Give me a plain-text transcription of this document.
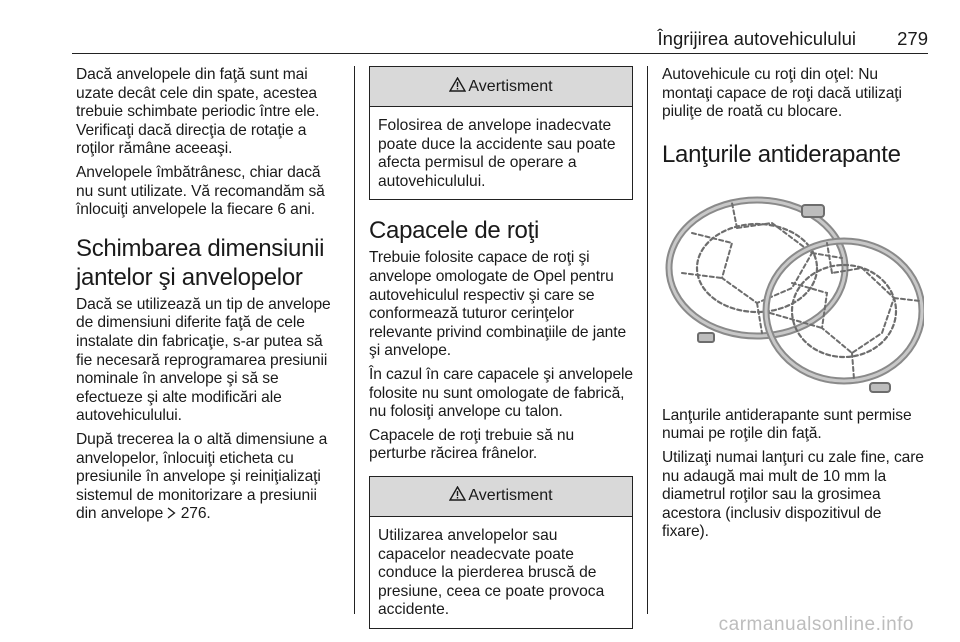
Îngrijirea autovehiculului 279

Dacă anvelopele din faţă sunt mai uzate decât cele din spate, acestea trebuie schimbate periodic între ele. Verificaţi dacă direcţia de rotaţie a roţilor rămâne aceeaşi.

Anvelopele îmbătrânesc, chiar dacă nu sunt utilizate. Vă recomandăm să înlocuiţi anvelopele la fiecare 6 ani.

Schimbarea dimensiunii jantelor şi anvelopelor

Dacă se utilizează un tip de anvelope de dimensiuni diferite faţă de cele instalate din fabricaţie, s-ar putea să fie necesară reprogramarea presiunii nominale în anvelope şi să se efectueze şi alte modificări ale autovehiculului.

După trecerea la o altă dimensiune a anvelopelor, înlocuiţi eticheta cu presiunile în anvelope şi reiniţializaţi sistemul de monitorizare a presiunii din anvelope 276.

Avertisment
Folosirea de anvelope inadecvate poate duce la accidente sau poate afecta permisul de operare a autovehiculului.
Capacele de roţi

Trebuie folosite capace de roţi şi anvelope omologate de Opel pentru autovehiculul respectiv şi care se conformează tuturor cerinţelor relevante privind combinaţiile de jante şi anvelope.

În cazul în care capacele şi anvelopele folosite nu sunt omologate de fabrică, nu folosiţi anvelope cu talon.

Capacele de roţi trebuie să nu perturbe răcirea frânelor.

Avertisment
Utilizarea anvelopelor sau capacelor neadecvate poate conduce la pierderea bruscă de presiune, ceea ce poate provoca accidente.

Autovehicule cu roţi din oţel: Nu montaţi capace de roţi dacă utilizaţi piuliţe de roată cu blocare.

Lanţurile antiderapante

Lanţurile antiderapante sunt permise numai pe roţile din faţă.

Utilizaţi numai lanţuri cu zale fine, care nu adaugă mai mult de 10 mm la diametrul roţilor sau la grosimea acestora (inclusiv dispozitivul de fixare).

carmanualsonline.info
